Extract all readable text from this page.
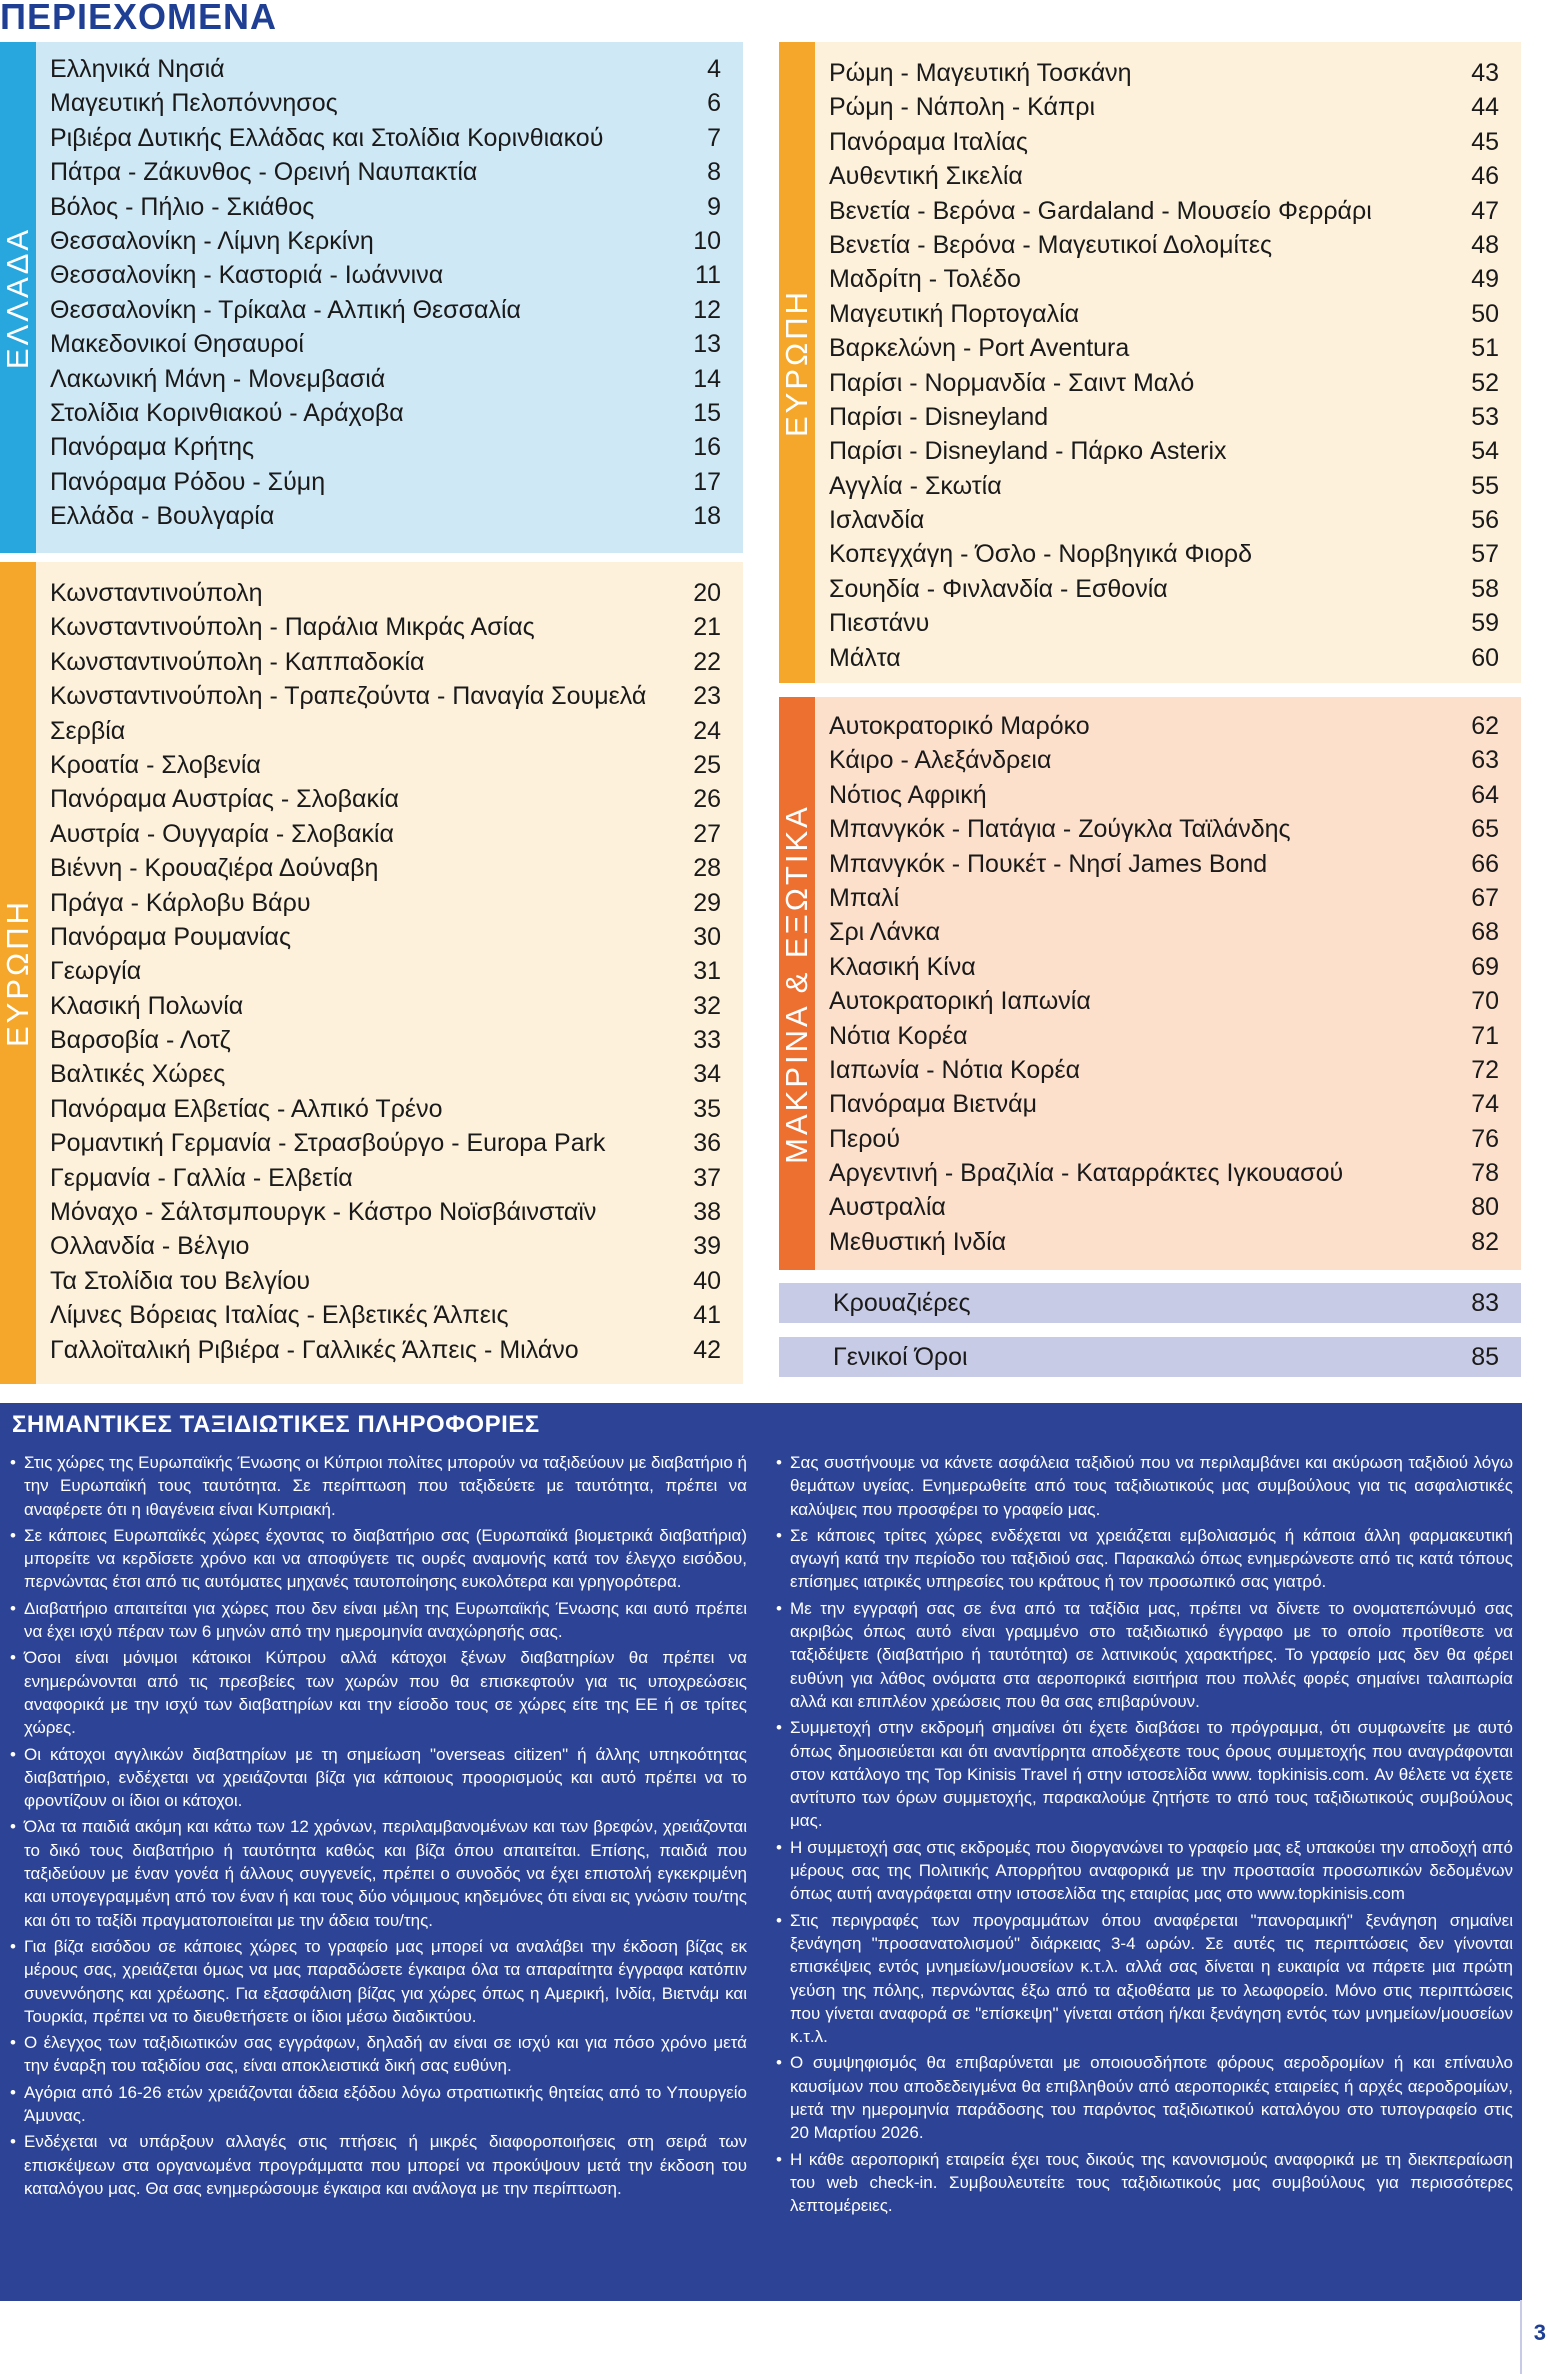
ΠΕΡΙΕΧΟΜΕΝΑ
ΕΛΛΑΔΑ
Ελληνικά Νησιά	4
Μαγευτική Πελοπόννησος	6
Ριβιέρα Δυτικής Ελλάδας και Στολίδια Κορινθιακού	7
Πάτρα - Ζάκυνθος - Ορεινή Ναυπακτία	8
Βόλος - Πήλιο - Σκιάθος	9
Θεσσαλονίκη - Λίμνη Κερκίνη	10
Θεσσαλονίκη - Καστοριά - Ιωάννινα	11
Θεσσαλονίκη - Τρίκαλα - Αλπική Θεσσαλία	12
Μακεδονικοί Θησαυροί	13
Λακωνική Μάνη - Μονεμβασιά	14
Στολίδια Κορινθιακού - Αράχοβα	15
Πανόραμα Κρήτης	16
Πανόραμα Ρόδου - Σύμη	17
Ελλάδα - Βουλγαρία	18
ΕΥΡΩΠΗ
Κωνσταντινούπολη	20
Κωνσταντινούπολη - Παράλια Μικράς Ασίας	21
Κωνσταντινούπολη - Καππαδοκία	22
Κωνσταντινούπολη - Τραπεζούντα - Παναγία Σουμελά 23
Σερβία	24
Κροατία - Σλοβενία	25
Πανόραμα Αυστρίας - Σλοβακία	26
Αυστρία - Ουγγαρία - Σλοβακία	27
Βιέννη - Κρουαζιέρα Δούναβη	28
Πράγα - Κάρλοβυ Βάρυ	29
Πανόραμα Ρουμανίας	30
Γεωργία	31
Κλασική Πολωνία	32
Βαρσοβία - Λοτζ	33
Βαλτικές Χώρες	34
Πανόραμα Ελβετίας - Αλπικό Τρένο	35
Ρομαντική Γερμανία - Στρασβούργο - Europa Park	36
Γερμανία - Γαλλία - Ελβετία	37
Μόναχο - Σάλτσμπουργκ - Κάστρο Νοϊσβάινσταϊν	38
Ολλανδία - Βέλγιο	39
Τα Στολίδια του Βελγίου	40
Λίμνες Βόρειας Ιταλίας - Ελβετικές Άλπεις	41
Γαλλοϊταλική Ριβιέρα - Γαλλικές Άλπεις - Μιλάνο	42
ΕΥΡΩΠΗ
Ρώμη - Μαγευτική Τοσκάνη	43
Ρώμη - Νάπολη - Κάπρι	44
Πανόραμα Ιταλίας	45
Αυθεντική Σικελία	46
Βενετία - Βερόνα - Gardaland - Μουσείο Φερράρι	47
Βενετία - Βερόνα - Μαγευτικοί Δολομίτες	48
Μαδρίτη - Τολέδο	49
Μαγευτική Πορτογαλία	50
Βαρκελώνη - Port Aventura	51
Παρίσι - Νορμανδία - Σαιντ Μαλό	52
Παρίσι - Disneyland	53
Παρίσι - Disneyland - Πάρκο Asterix	54
Αγγλία - Σκωτία	55
Ισλανδία	56
Κοπεγχάγη - Όσλο - Νορβηγικά Φιορδ	57
Σουηδία - Φινλανδία - Εσθονία	58
Πιεστάνυ	59
Μάλτα	60
ΜΑΚΡΙΝΑ & ΕΞΩΤΙΚΑ
Αυτοκρατορικό Μαρόκο	62
Κάιρο - Αλεξάνδρεια	63
Νότιος Αφρική	64
Μπανγκόκ - Πατάγια - Ζούγκλα Ταϊλάνδης	65
Μπανγκόκ - Πουκέτ - Νησί James Bond	66
Μπαλί	67
Σρι Λάνκα	68
Κλασική Κίνα	69
Αυτοκρατορική Ιαπωνία	70
Νότια Κορέα	71
Ιαπωνία - Νότια Κορέα	72
Πανόραμα Βιετνάμ	74
Περού	76
Αργεντινή - Βραζιλία - Καταρράκτες Ιγκουασού	78
Αυστραλία	80
Μεθυστική Ινδία	82
Κρουαζιέρες	83
Γενικοί Όροι	85
ΣΗΜΑΝΤΙΚΕΣ ΤΑΞΙΔΙΩΤΙΚΕΣ ΠΛΗΡΟΦΟΡΙΕΣ
• Στις χώρες της Ευρωπαϊκής Ένωσης οι Κύπριοι πολίτες μπορούν να ταξιδεύουν με διαβατήριο ή την Ευρωπαϊκή τους ταυτότητα. Σε περίπτωση που ταξιδεύετε με ταυτότητα, πρέπει να αναφέρετε ότι η ιθαγένεια είναι Κυπριακή.
• Σε κάποιες Ευρωπαϊκές χώρες έχοντας το διαβατήριο σας (Ευρωπαϊκά βιομετρικά διαβατήρια) μπορείτε να κερδίσετε χρόνο και να αποφύγετε τις ουρές αναμονής κατά τον έλεγχο εισόδου, περνώντας έτσι από τις αυτόματες μηχανές ταυτοποίησης ευκολότερα και γρηγορότερα.
• Διαβατήριο απαιτείται για χώρες που δεν είναι μέλη της Ευρωπαϊκής Ένωσης και αυτό πρέπει να έχει ισχύ πέραν των 6 μηνών από την ημερομηνία αναχώρησής σας.
• Όσοι είναι μόνιμοι κάτοικοι Κύπρου αλλά κάτοχοι ξένων διαβατηρίων θα πρέπει να ενημερώνονται από τις πρεσβείες των χωρών που θα επισκεφτούν για τις υποχρεώσεις αναφορικά με την ισχύ των διαβατηρίων και την είσοδο τους σε χώρες είτε της ΕΕ ή σε τρίτες χώρες.
• Οι κάτοχοι αγγλικών διαβατηρίων με τη σημείωση "overseas citizen" ή άλλης υπηκοότητας διαβατήριο, ενδέχεται να χρειάζονται βίζα για κάποιους προορισμούς και αυτό πρέπει να το φροντίζουν οι ίδιοι οι κάτοχοι.
• Όλα τα παιδιά ακόμη και κάτω των 12 χρόνων, περιλαμβανομένων και των βρεφών, χρειάζονται το δικό τους διαβατήριο ή ταυτότητα καθώς και βίζα όπου απαιτείται. Επίσης, παιδιά που ταξιδεύουν με έναν γονέα ή άλλους συγγενείς, πρέπει ο συνοδός να έχει επιστολή εγκεκριμένη και υπογεγραμμένη από τον έναν ή και τους δύο νόμιμους κηδεμόνες ότι είναι εις γνώσιν του/της και ότι το ταξίδι πραγματοποιείται με την άδεια του/της.
• Για βίζα εισόδου σε κάποιες χώρες το γραφείο μας μπορεί να αναλάβει την έκδοση βίζας εκ μέρους σας, χρειάζεται όμως να μας παραδώσετε έγκαιρα όλα τα απαραίτητα έγγραφα κατόπιν συνεννόησης και χρέωσης. Για εξασφάλιση βίζας για χώρες όπως η Αμερική, Ινδία, Βιετνάμ και Τουρκία, πρέπει να το διευθετήσετε οι ίδιοι μέσω διαδικτύου.
• Ο έλεγχος των ταξιδιωτικών σας εγγράφων, δηλαδή αν είναι σε ισχύ και για πόσο χρόνο μετά την έναρξη του ταξιδίου σας, είναι αποκλειστικά δική σας ευθύνη.
• Αγόρια από 16-26 ετών χρειάζονται άδεια εξόδου λόγω στρατιωτικής θητείας από το Υπουργείο Άμυνας.
• Ενδέχεται να υπάρξουν αλλαγές στις πτήσεις ή μικρές διαφοροποιήσεις στη σειρά των επισκέψεων στα οργανωμένα προγράμματα που μπορεί να προκύψουν μετά την έκδοση του καταλόγου μας. Θα σας ενημερώσουμε έγκαιρα και ανάλογα με την περίπτωση.
• Σας συστήνουμε να κάνετε ασφάλεια ταξιδιού που να περιλαμβάνει και ακύρωση ταξιδιού λόγω θεμάτων υγείας. Ενημερωθείτε από τους ταξιδιωτικούς μας συμβούλους για τις ασφαλιστικές καλύψεις που προσφέρει το γραφείο μας.
• Σε κάποιες τρίτες χώρες ενδέχεται να χρειάζεται εμβολιασμός ή κάποια άλλη φαρμακευτική αγωγή κατά την περίοδο του ταξιδιού σας. Παρακαλώ όπως ενημερώνεστε από τις κατά τόπους επίσημες ιατρικές υπηρεσίες του κράτους ή τον προσωπικό σας γιατρό.
• Με την εγγραφή σας σε ένα από τα ταξίδια μας, πρέπει να δίνετε το ονοματεπώνυμό σας ακριβώς όπως αυτό είναι γραμμένο στο ταξιδιωτικό έγγραφο με το οποίο προτίθεστε να ταξιδέψετε (διαβατήριο ή ταυτότητα) σε λατινικούς χαρακτήρες. Το γραφείο μας δεν θα φέρει ευθύνη για λάθος ονόματα στα αεροπορικά εισιτήρια που πολλές φορές σημαίνει ταλαιπωρία αλλά και επιπλέον χρεώσεις που θα σας επιβαρύνουν.
• Συμμετοχή στην εκδρομή σημαίνει ότι έχετε διαβάσει το πρόγραμμα, ότι συμφωνείτε με αυτό όπως δημοσιεύεται και ότι αναντίρρητα αποδέχεστε τους όρους συμμετοχής που αναγράφονται στον κατάλογο της Top Kinisis Travel ή στην ιστοσελίδα www. topkinisis.com. Αν θέλετε να έχετε αντίτυπο των όρων συμμετοχής, παρακαλούμε ζητήστε το από τους ταξιδιωτικούς συμβούλους μας.
• Η συμμετοχή σας στις εκδρομές που διοργανώνει το γραφείο μας εξ υπακούει την αποδοχή από μέρους σας της Πολιτικής Απορρήτου αναφορικά με την προστασία προσωπικών δεδομένων όπως αυτή αναγράφεται στην ιστοσελίδα της εταιρίας μας στο www.topkinisis.com
• Στις περιγραφές των προγραμμάτων όπου αναφέρεται "πανοραμική" ξενάγηση σημαίνει ξενάγηση "προσανατολισμού" διάρκειας 3-4 ωρών. Σε αυτές τις περιπτώσεις δεν γίνονται επισκέψεις εντός μνημείων/μουσείων κ.τ.λ. αλλά σας δίνεται η ευκαιρία να πάρετε μια πρώτη γεύση της πόλης, περνώντας έξω από τα αξιοθέατα με το λεωφορείο. Μόνο στις περιπτώσεις που γίνεται αναφορά σε "επίσκεψη" γίνεται στάση ή/και ξενάγηση εντός των μνημείων/μουσείων κ.τ.λ.
• Ο συμψηφισμός θα επιβαρύνεται με οποιουσδήποτε φόρους αεροδρομίων ή και επίναυλο καυσίμων που αποδεδειγμένα θα επιβληθούν από αεροπορικές εταιρείες ή αρχές αεροδρομίων, μετά την ημερομηνία παράδοσης του παρόντος ταξιδιωτικού καταλόγου στο τυπογραφείο στις 20 Μαρτίου 2026.
• Η κάθε αεροπορική εταιρεία έχει τους δικούς της κανονισμούς αναφορικά με τη διεκπεραίωση του web check-in. Συμβουλευτείτε τους ταξιδιωτικούς μας συμβούλους για περισσότερες λεπτομέρειες.
3
